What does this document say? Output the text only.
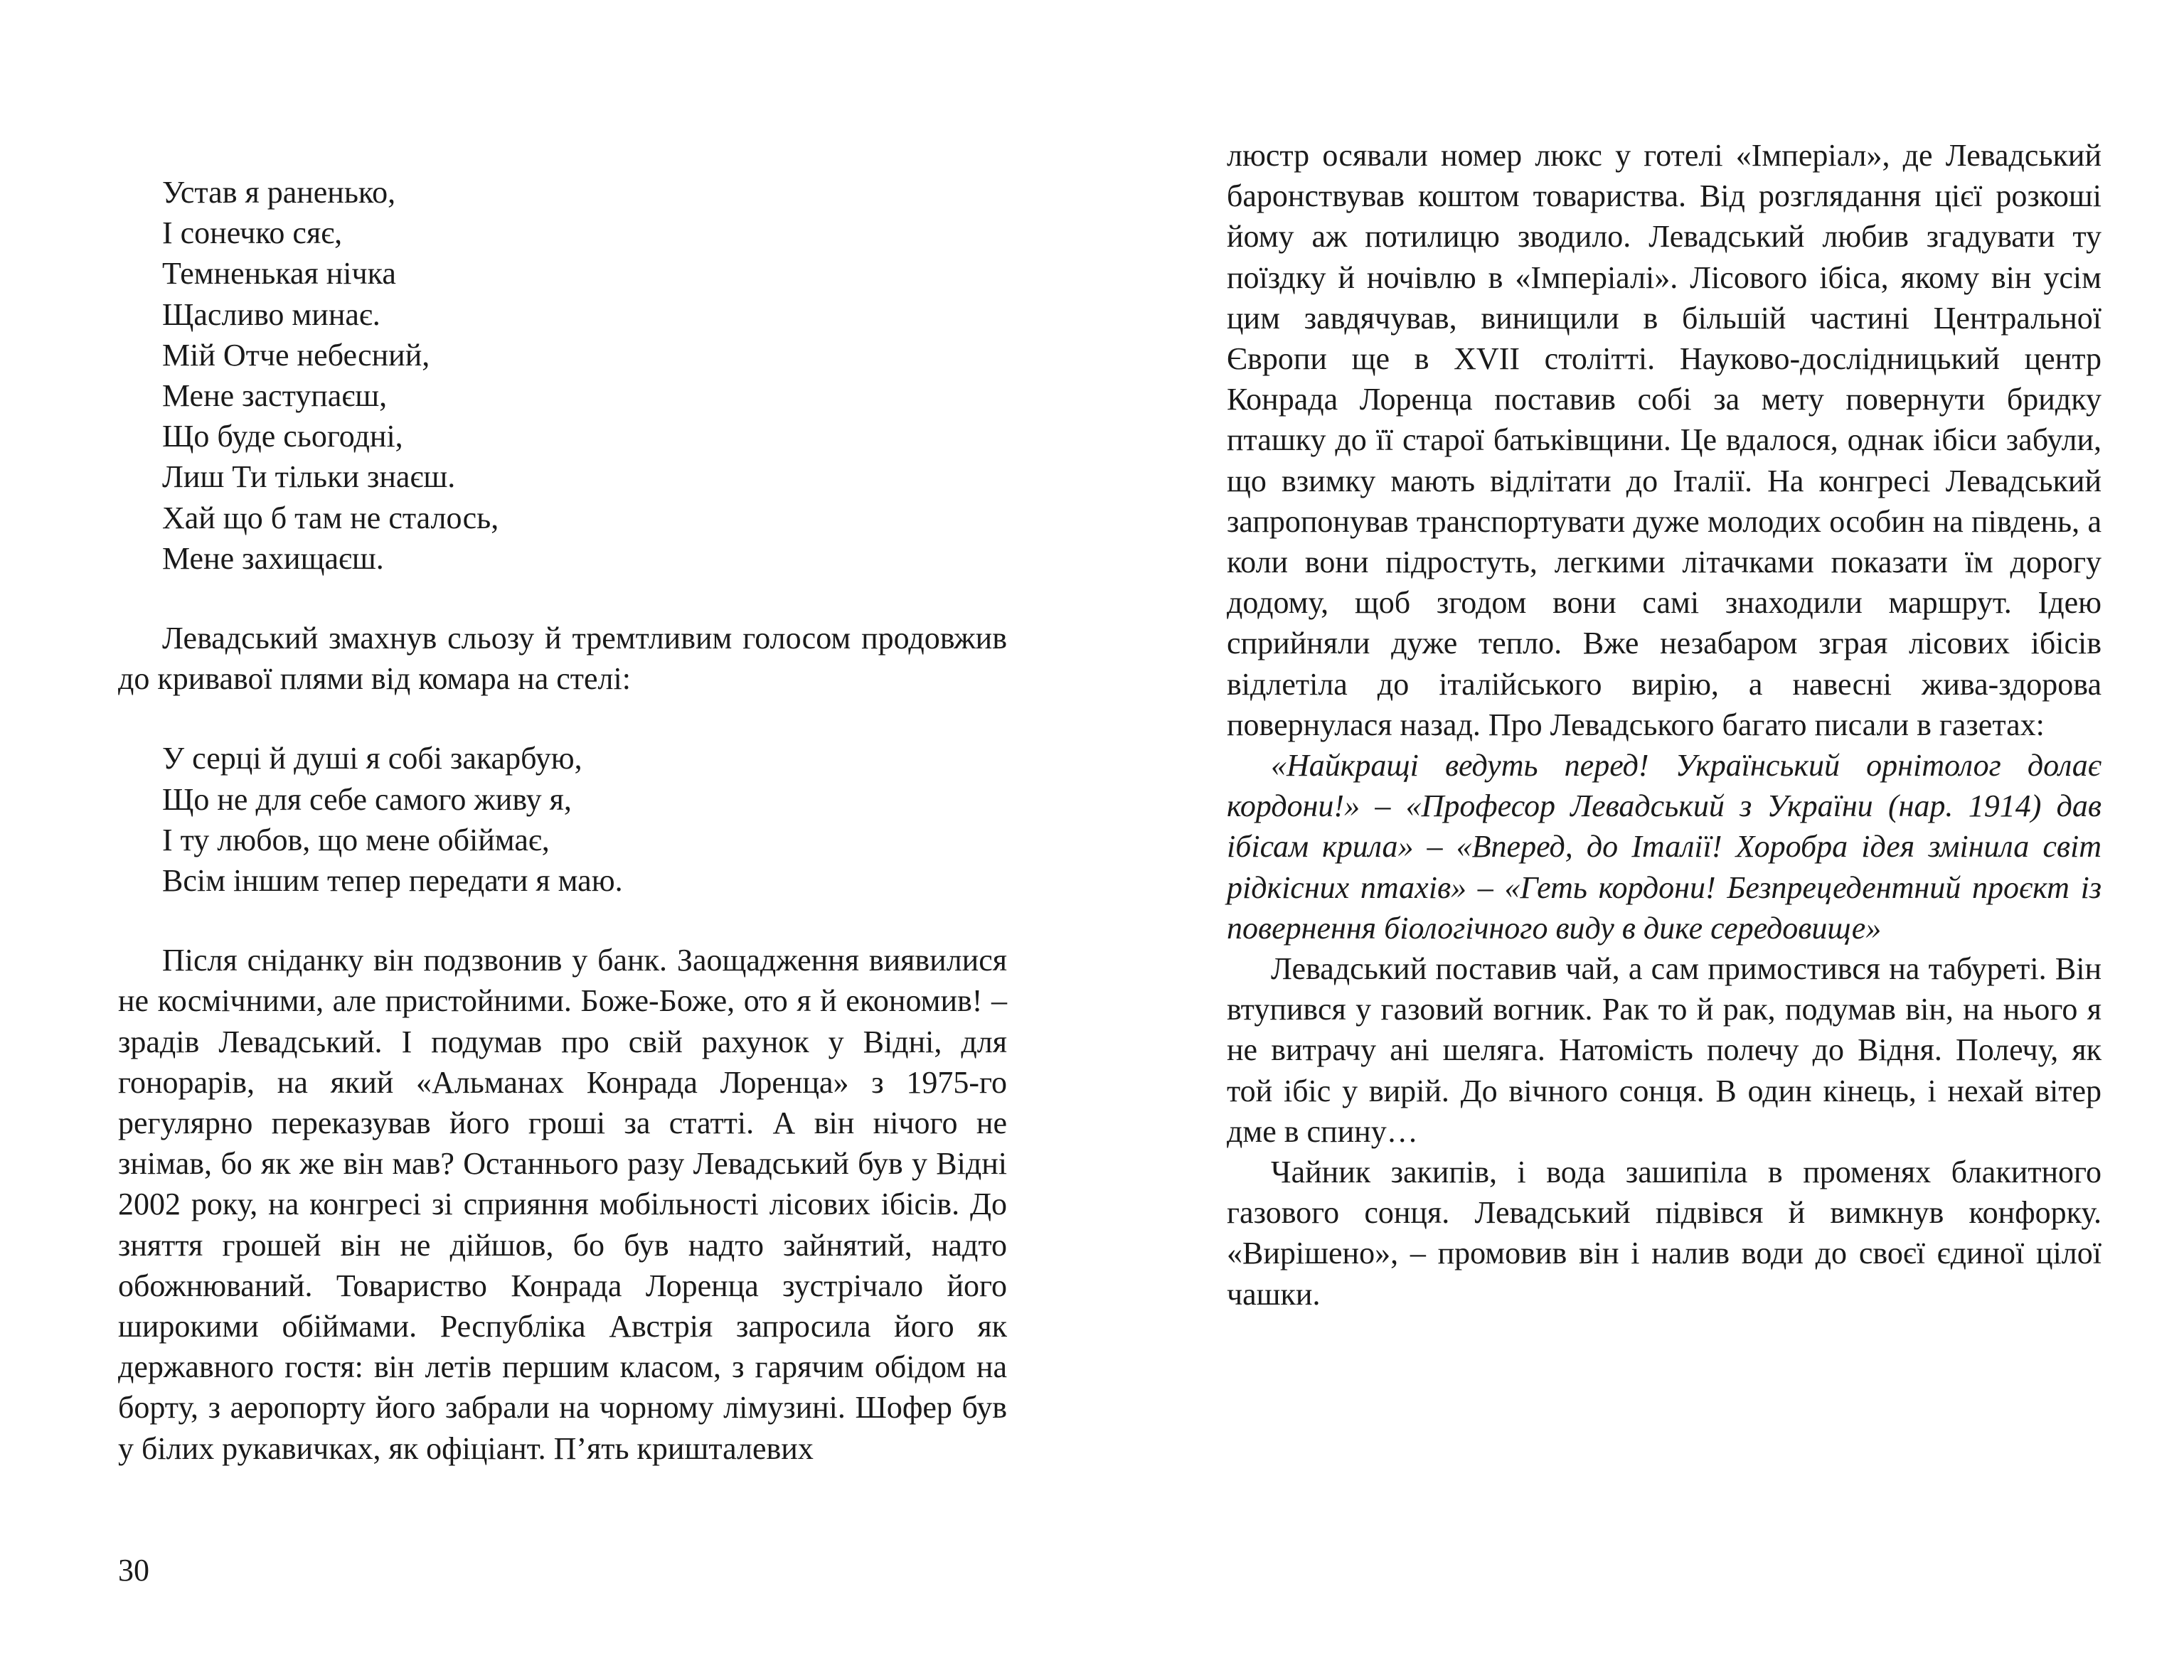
Устав я раненько,
І сонечко сяє,
Темненькая нічка
Щасливо минає.
Мій Отче небесний,
Мене заступаєш,
Що буде сьогодні,
Лиш Ти тільки знаєш.
Хай що б там не сталось,
Мене захищаєш.

Левадський змахнув сльозу й тремтливим голосом продовжив до кривавої плями від комара на стелі:

У серці й душі я собі закарбую,
Що не для себе самого живу я,
І ту любов, що мене обіймає,
Всім іншим тепер передати я маю.

Після сніданку він подзвонив у банк. Заощадження виявилися не космічними, але пристойними. Боже-Боже, ото я й економив! – зрадів Левадський. І подумав про свій рахунок у Відні, для гонорарів, на який «Альманах Конрада Лоренца» з 1975-го регулярно переказував його гроші за статті. А він нічого не знімав, бо як же він мав? Останнього разу Левадський був у Відні 2002 року, на конгресі зі сприяння мобільності лісових ібісів. До зняття грошей він не дійшов, бо був надто зайнятий, надто обожнюваний. Товариство Конрада Лоренца зустрічало його широкими обіймами. Республіка Австрія запросила його як державного гостя: він летів першим класом, з гарячим обідом на борту, з аеропорту його забрали на чорному лімузині. Шофер був у білих рукавичках, як офіціант. П’ять кришталевих

30

люстр осявали номер люкс у готелі «Імперіал», де Левадський баронствував коштом товариства. Від розглядання цієї розкоші йому аж потилицю зводило. Левадський любив згадувати ту поїздку й ночівлю в «Імперіалі». Лісового ібіса, якому він усім цим завдячував, винищили в більшій частині Центральної Європи ще в XVII столітті. Науково-дослідницький центр Конрада Лоренца поставив собі за мету повернути бридку пташку до її старої батьківщини. Це вдалося, однак ібіси забули, що взимку мають відлітати до Італії. На конгресі Левадський запропонував транспортувати дуже молодих особин на південь, а коли вони підростуть, легкими літачками показати їм дорогу додому, щоб згодом вони самі знаходили маршрут. Ідею сприйняли дуже тепло. Вже незабаром зграя лісових ібісів відлетіла до італійського вирію, а навесні жива-здорова повернулася назад. Про Левадського багато писали в газетах:

«Найкращі ведуть перед! Український орнітолог долає кордони!» – «Професор Левадський з України (нар. 1914) дав ібісам крила» – «Вперед, до Італії! Хоробра ідея змінила світ рідкісних птахів» – «Геть кордони! Безпрецедентний проєкт із повернення біологічного виду в дике середовище»

Левадський поставив чай, а сам примостився на табуреті. Він втупився у газовий вогник. Рак то й рак, подумав він, на нього я не витрачу ані шеляга. Натомість полечу до Відня. Полечу, як той ібіс у вирій. До вічного сонця. В один кінець, і нехай вітер дме в спину…

Чайник закипів, і вода зашипіла в променях блакитного газового сонця. Левадський підвівся й вимкнув конфорку. «Вирішено», – промовив він і налив води до своєї єдиної цілої чашки.
